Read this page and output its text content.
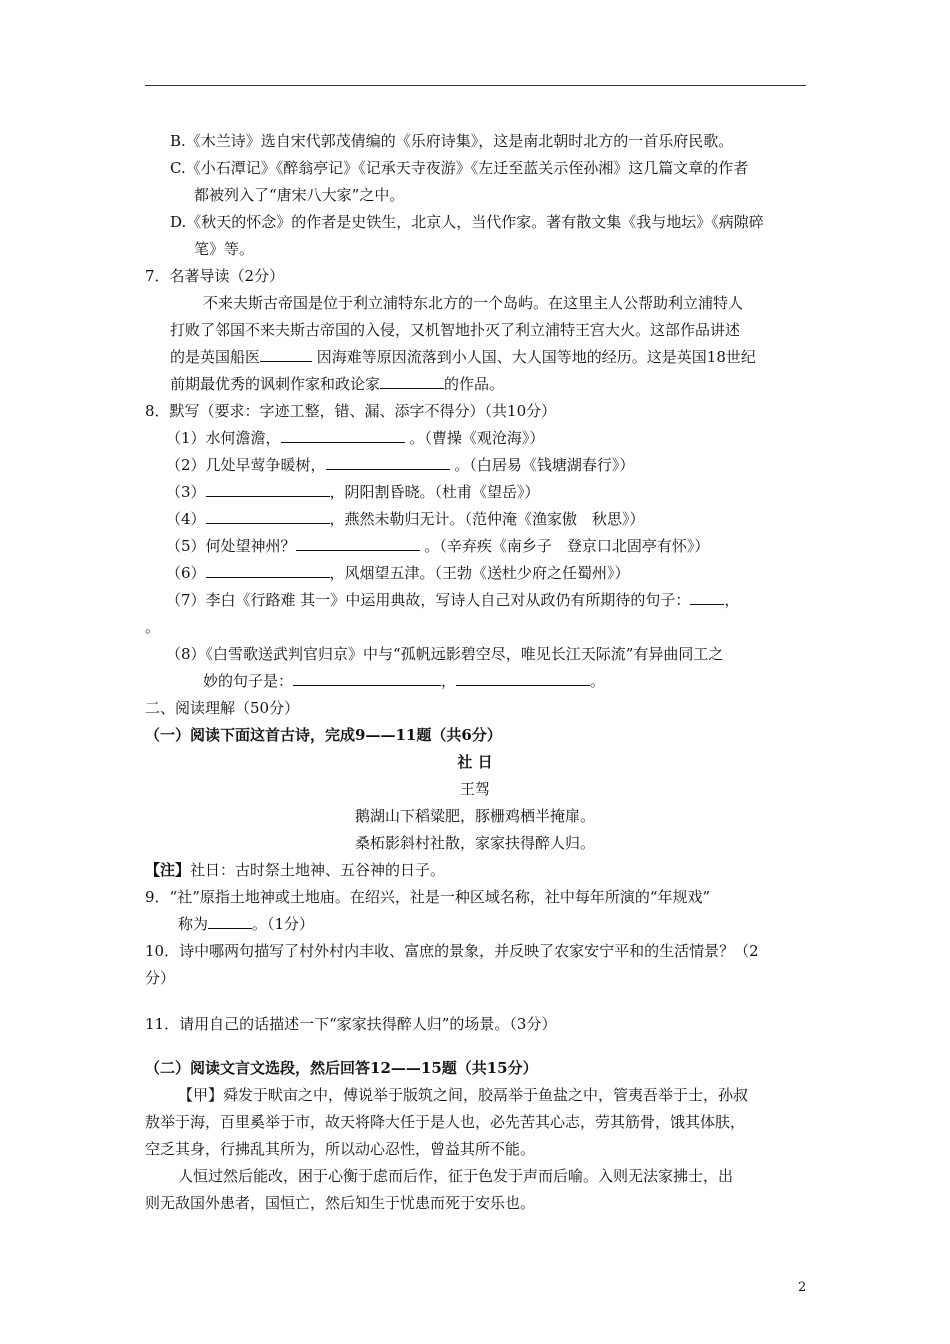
B.《木兰诗》选自宋代郭茂倩编的《乐府诗集》，这是南北朝时北方的一首乐府民歌。
C.《小石潭记》《醉翁亭记》《记承天寺夜游》《左迁至蓝关示侄孙湘》这几篇文章的作者
都被列入了“唐宋八大家”之中。
D.《秋天的怀念》的作者是史铁生，北京人，当代作家。著有散文集《我与地坛》《病隙碎
笔》等。
7．名著导读（2分）
不来夫斯古帝国是位于利立浦特东北方的一个岛屿。在这里主人公帮助利立浦特人
打败了邻国不来夫斯古帝国的入侵，又机智地扑灭了利立浦特王宫大火。这部作品讲述
的是英国船医	因海难等原因流落到小人国、大人国等地的经历。这是英国18世纪
前期最优秀的讽刺作家和政论家	的作品。
8．默写（要求：字迹工整，错、漏、添字不得分）（共10分）
（1）水何澹澹，	。（曹操《观沧海》）
（2）几处早莺争暖树，	。（白居易《钱塘湖春行》）
（3）	，阴阳割昏晓。（杜甫《望岳》）
（4）	，燕然未勒归无计。（范仲淹《渔家傲　秋思》）
（5）何处望神州？	。（辛弃疾《南乡子　登京口北固亭有怀》）
（6）	，风烟望五津。（王勃《送杜少府之任蜀州》）
（7）李白《行路难 其一》中运用典故，写诗人自己对从政仍有所期待的句子： ，
。
（8）《白雪歌送武判官归京》中与“孤帆远影碧空尽，唯见长江天际流”有异曲同工之
妙的句子是：	，	。
二、阅读理解（50分）
（一）阅读下面这首古诗，完成9——11题（共6分）
社 日
王驾
鹅湖山下稻粱肥，豚栅鸡栖半掩扉。
桑柘影斜村社散，家家扶得醉人归。
【注】社日：古时祭土地神、五谷神的日子。
9．“社”原指土地神或土地庙。在绍兴，社是一种区域名称，社中每年所演的“年规戏”
称为	。（1分）
10．诗中哪两句描写了村外村内丰收、富庶的景象，并反映了农家安宁平和的生活情景？（2
分）
11．请用自己的话描述一下“家家扶得醉人归”的场景。（3分）
（二）阅读文言文选段，然后回答12——15题（共15分）
【甲】舜发于畎亩之中，傅说举于版筑之间，胶鬲举于鱼盐之中，管夷吾举于士，孙叔
敖举于海，百里奚举于市，故天将降大任于是人也，必先苦其心志，劳其筋骨，饿其体肤，
空乏其身，行拂乱其所为，所以动心忍性，曾益其所不能。
人恒过然后能改，困于心衡于虑而后作，征于色发于声而后喻。入则无法家拂士，出
则无敌国外患者，国恒亡，然后知生于忧患而死于安乐也。
2
